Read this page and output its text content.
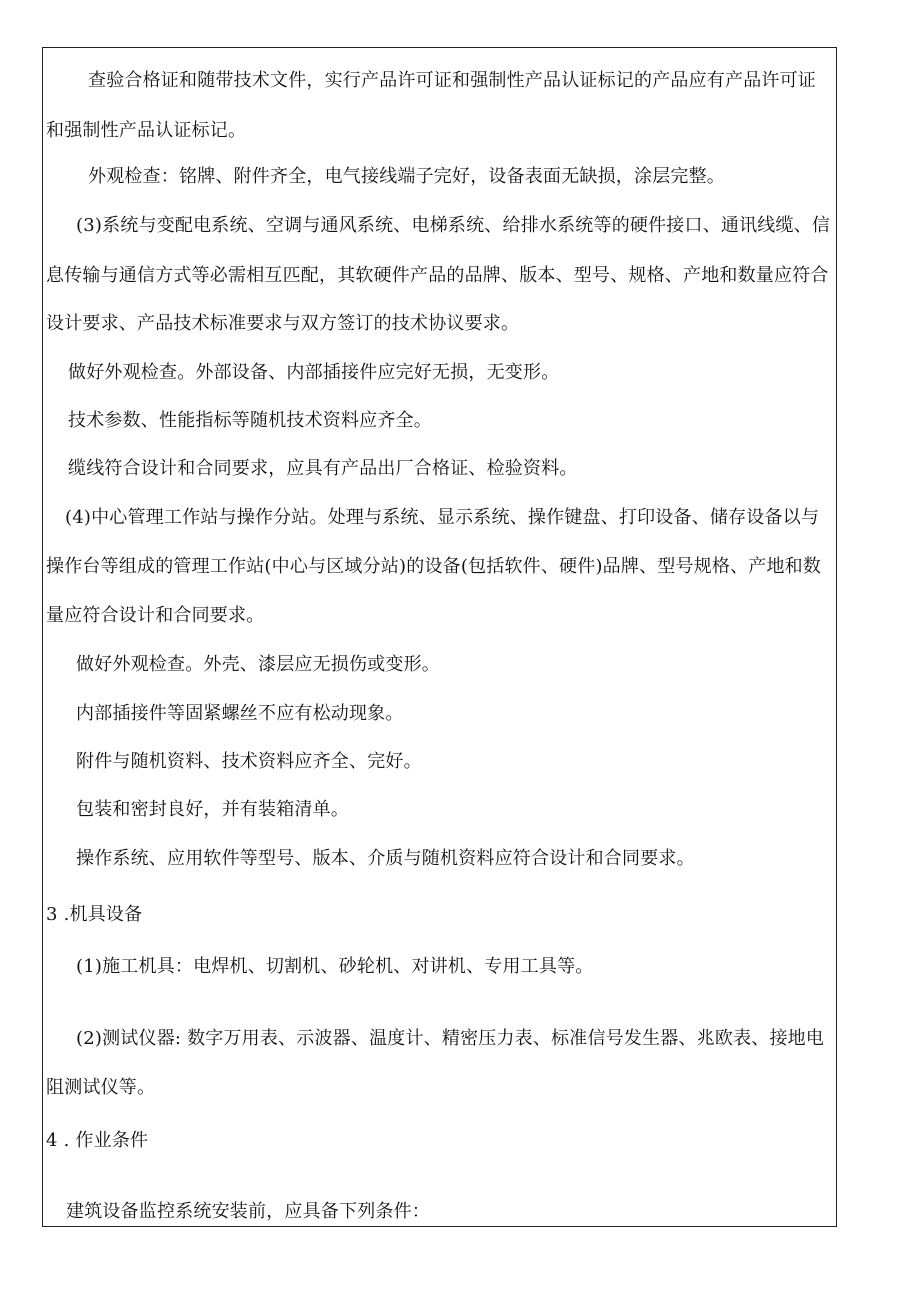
查验合格证和随带技术文件，实行产品许可证和强制性产品认证标记的产品应有产品许可证
和强制性产品认证标记。
外观检查：铭牌、附件齐全，电气接线端子完好，设备表面无缺损，涂层完整。
(3)系统与变配电系统、空调与通风系统、电梯系统、给排水系统等的硬件接口、通讯线缆、信
息传输与通信方式等必需相互匹配，其软硬件产品的品牌、版本、型号、规格、产地和数量应符合
设计要求、产品技术标准要求与双方签订的技术协议要求。
做好外观检查。外部设备、内部插接件应完好无损，无变形。
技术参数、性能指标等随机技术资料应齐全。
缆线符合设计和合同要求，应具有产品出厂合格证、检验资料。
(4)中心管理工作站与操作分站。处理与系统、显示系统、操作键盘、打印设备、储存设备以与
操作台等组成的管理工作站(中心与区域分站)的设备(包括软件、硬件)品牌、型号规格、产地和数
量应符合设计和合同要求。
做好外观检查。外壳、漆层应无损伤或变形。
内部插接件等固紧螺丝不应有松动现象。
附件与随机资料、技术资料应齐全、完好。
包装和密封良好，并有装箱清单。
操作系统、应用软件等型号、版本、介质与随机资料应符合设计和合同要求。
3 .机具设备
(1)施工机具：电焊机、切割机、砂轮机、对讲机、专用工具等。
(2)测试仪器: 数字万用表、示波器、温度计、精密压力表、标准信号发生器、兆欧表、接地电
阻测试仪等。
4 . 作业条件
建筑设备监控系统安装前，应具备下列条件：
